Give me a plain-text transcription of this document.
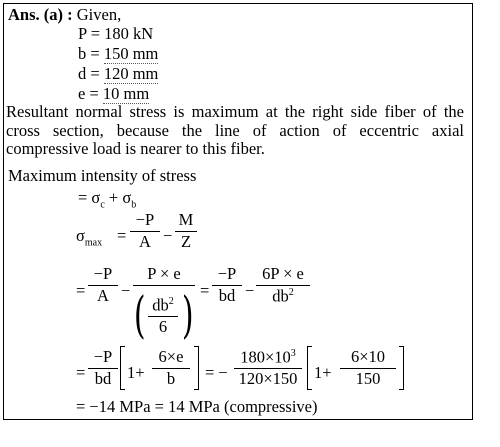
Ans. (a) : Given,
P = 180 kN
b = 150 mm
d = 120 mm
e = 10 mm
Resultant normal stress is maximum at the right side fiber of the cross section, because the line of action of eccentric axial compressive load is nearer to this fiber.
Maximum intensity of stress
= $\sigma_c + \sigma_b$
$\sigma_{max}$ =
−P
A −
M
Z
=
−P
A −
P × e
( )
$db^2$
6
=
−P
bd −
6P × e
$db^2$
=
−P
bd 1+
6×e
b	= −
$180\times 10^3$
120×150 1+
6×10
150
= −14 MPa = 14 MPa (compressive)
